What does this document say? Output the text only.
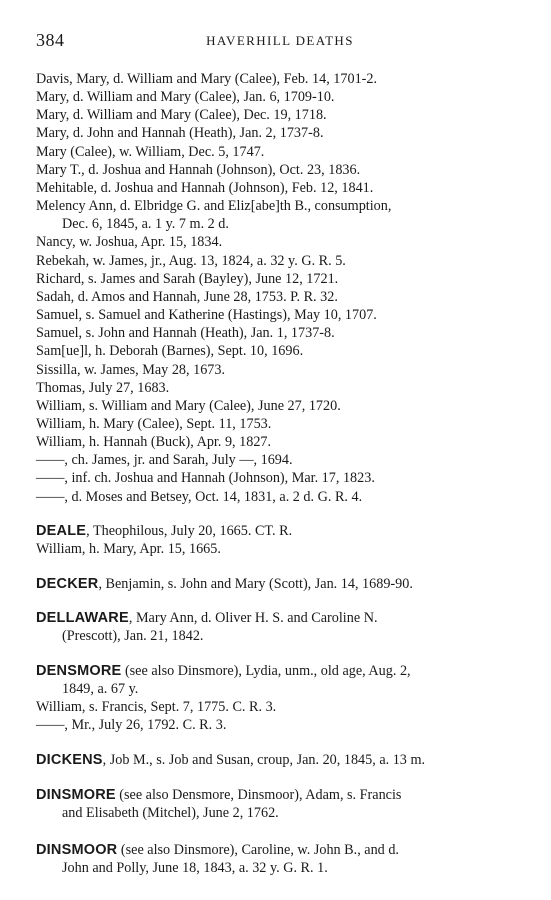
384	HAVERHILL DEATHS
Davis, Mary, d. William and Mary (Calee), Feb. 14, 1701-2.
Mary, d. William and Mary (Calee), Jan. 6, 1709-10.
Mary, d. William and Mary (Calee), Dec. 19, 1718.
Mary, d. John and Hannah (Heath), Jan. 2, 1737-8.
Mary (Calee), w. William, Dec. 5, 1747.
Mary T., d. Joshua and Hannah (Johnson), Oct. 23, 1836.
Mehitable, d. Joshua and Hannah (Johnson), Feb. 12, 1841.
Melency Ann, d. Elbridge G. and Eliz[abe]th B., consumption,
Dec. 6, 1845, a. 1 y. 7 m. 2 d.
Nancy, w. Joshua, Apr. 15, 1834.
Rebekah, w. James, jr., Aug. 13, 1824, a. 32 y. G. R. 5.
Richard, s. James and Sarah (Bayley), June 12, 1721.
Sadah, d. Amos and Hannah, June 28, 1753. P. R. 32.
Samuel, s. Samuel and Katherine (Hastings), May 10, 1707.
Samuel, s. John and Hannah (Heath), Jan. 1, 1737-8.
Sam[ue]l, h. Deborah (Barnes), Sept. 10, 1696.
Sissilla, w. James, May 28, 1673.
Thomas, July 27, 1683.
William, s. William and Mary (Calee), June 27, 1720.
William, h. Mary (Calee), Sept. 11, 1753.
William, h. Hannah (Buck), Apr. 9, 1827.
——, ch. James, jr. and Sarah, July —, 1694.
——, inf. ch. Joshua and Hannah (Johnson), Mar. 17, 1823.
——, d. Moses and Betsey, Oct. 14, 1831, a. 2 d. G. R. 4.
DEALE, Theophilous, July 20, 1665. CT. R.
William, h. Mary, Apr. 15, 1665.
DECKER, Benjamin, s. John and Mary (Scott), Jan. 14, 1689-90.
DELLAWARE, Mary Ann, d. Oliver H. S. and Caroline N.
(Prescott), Jan. 21, 1842.
DENSMORE (see also Dinsmore), Lydia, unm., old age, Aug. 2,
1849, a. 67 y.
William, s. Francis, Sept. 7, 1775. C. R. 3.
——, Mr., July 26, 1792. C. R. 3.
DICKENS, Job M., s. Job and Susan, croup, Jan. 20, 1845, a. 13 m.
DINSMORE (see also Densmore, Dinsmoor), Adam, s. Francis
and Elisabeth (Mitchel), June 2, 1762.
DINSMOOR (see also Dinsmore), Caroline, w. John B., and d.
John and Polly, June 18, 1843, a. 32 y. G. R. 1.
